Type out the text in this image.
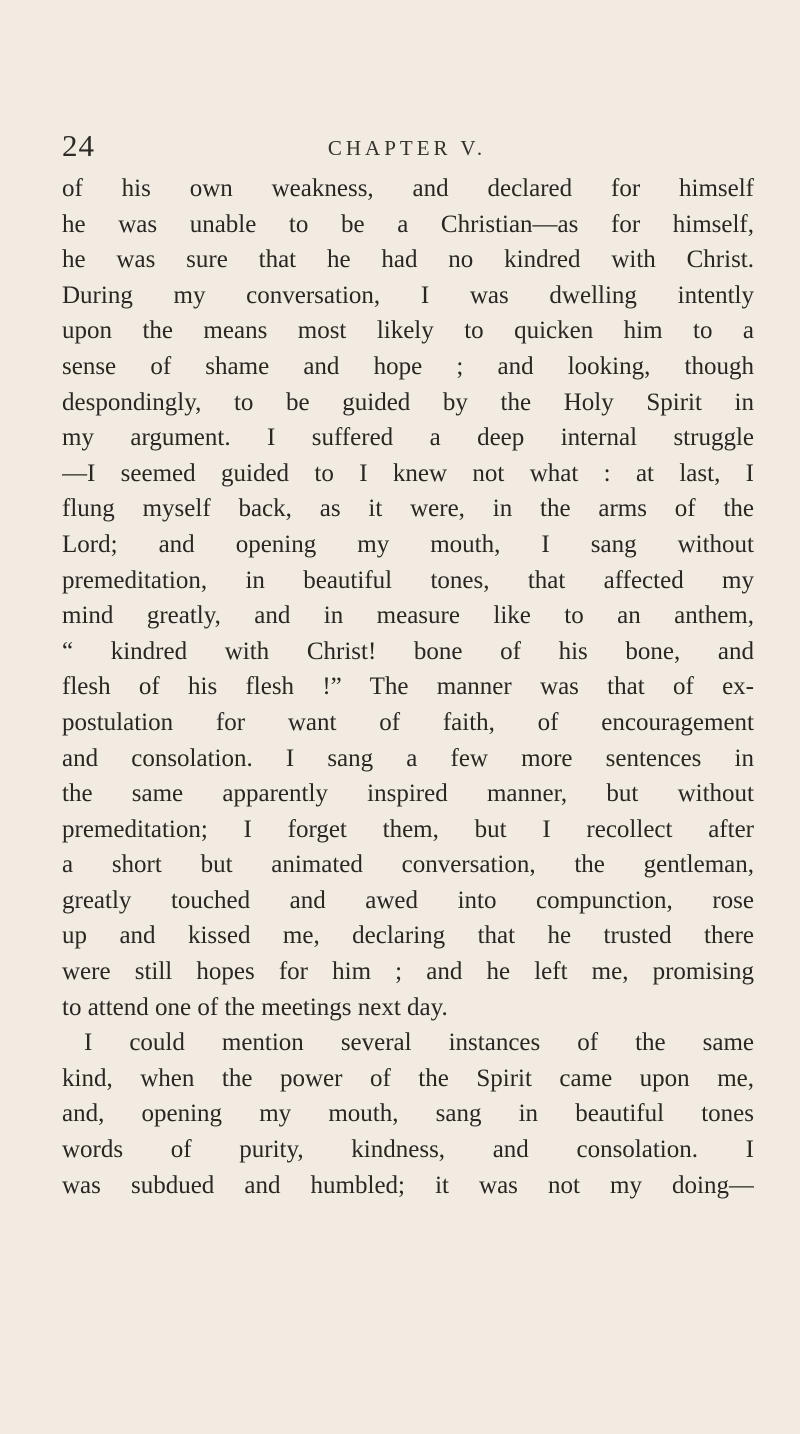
24	CHAPTER V.
of his own weakness, and declared for himself
he was unable to be a Christian—as for himself,
he was sure that he had no kindred with Christ.
During my conversation, I was dwelling intently
upon the means most likely to quicken him to a
sense of shame and hope ; and looking, though
despondingly, to be guided by the Holy Spirit in
my argument. I suffered a deep internal struggle
—I seemed guided to I knew not what : at last, I
flung myself back, as it were, in the arms of the
Lord; and opening my mouth, I sang without
premeditation, in beautiful tones, that affected my
mind greatly, and in measure like to an anthem,
“ kindred with Christ! bone of his bone, and
flesh of his flesh !” The manner was that of ex-
postulation for want of faith, of encouragement
and consolation. I sang a few more sentences in
the same apparently inspired manner, but without
premeditation; I forget them, but I recollect after
a short but animated conversation, the gentleman,
greatly touched and awed into compunction, rose
up and kissed me, declaring that he trusted there
were still hopes for him ; and he left me, promising
to attend one of the meetings next day.
I could mention several instances of the same
kind, when the power of the Spirit came upon me,
and, opening my mouth, sang in beautiful tones
words of purity, kindness, and consolation. I
was subdued and humbled; it was not my doing—
